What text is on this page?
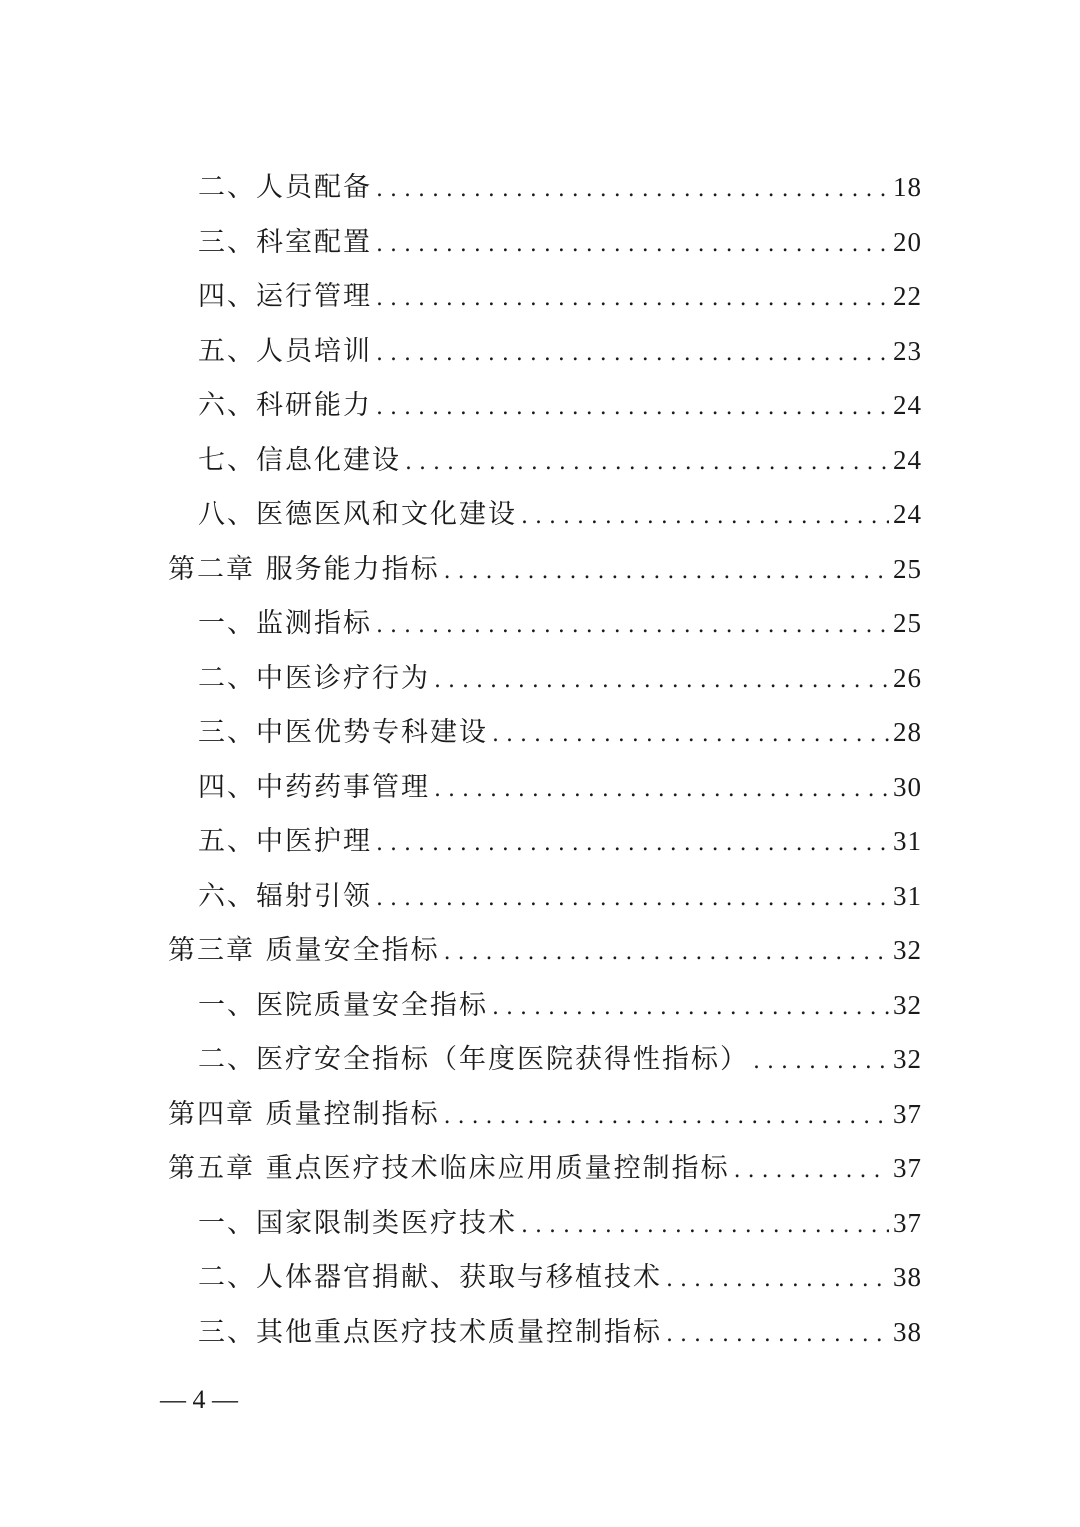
二、人员配备 . . .	18
三、科室配置 . . .	20
四、运行管理 . . .	22
五、人员培训 . . .	23
六、科研能力 . . .	24
七、信息化建设 . . .	24
八、医德医风和文化建设 . . .	24
第二章 服务能力指标 . . .	25
一、监测指标 . . .	25
二、中医诊疗行为 . . .	26
三、中医优势专科建设 . . .	28
四、中药药事管理 . . .	30
五、中医护理 . . .	31
六、辐射引领 . . .	31
第三章 质量安全指标 . . .	32
一、医院质量安全指标 . . .	32
二、医疗安全指标（年度医院获得性指标） . . .	32
第四章 质量控制指标 . . .	37
第五章 重点医疗技术临床应用质量控制指标 . . .	37
一、国家限制类医疗技术 . . .	37
二、人体器官捐献、获取与移植技术 . . .	38
三、其他重点医疗技术质量控制指标 . . .	38
— 4 —
